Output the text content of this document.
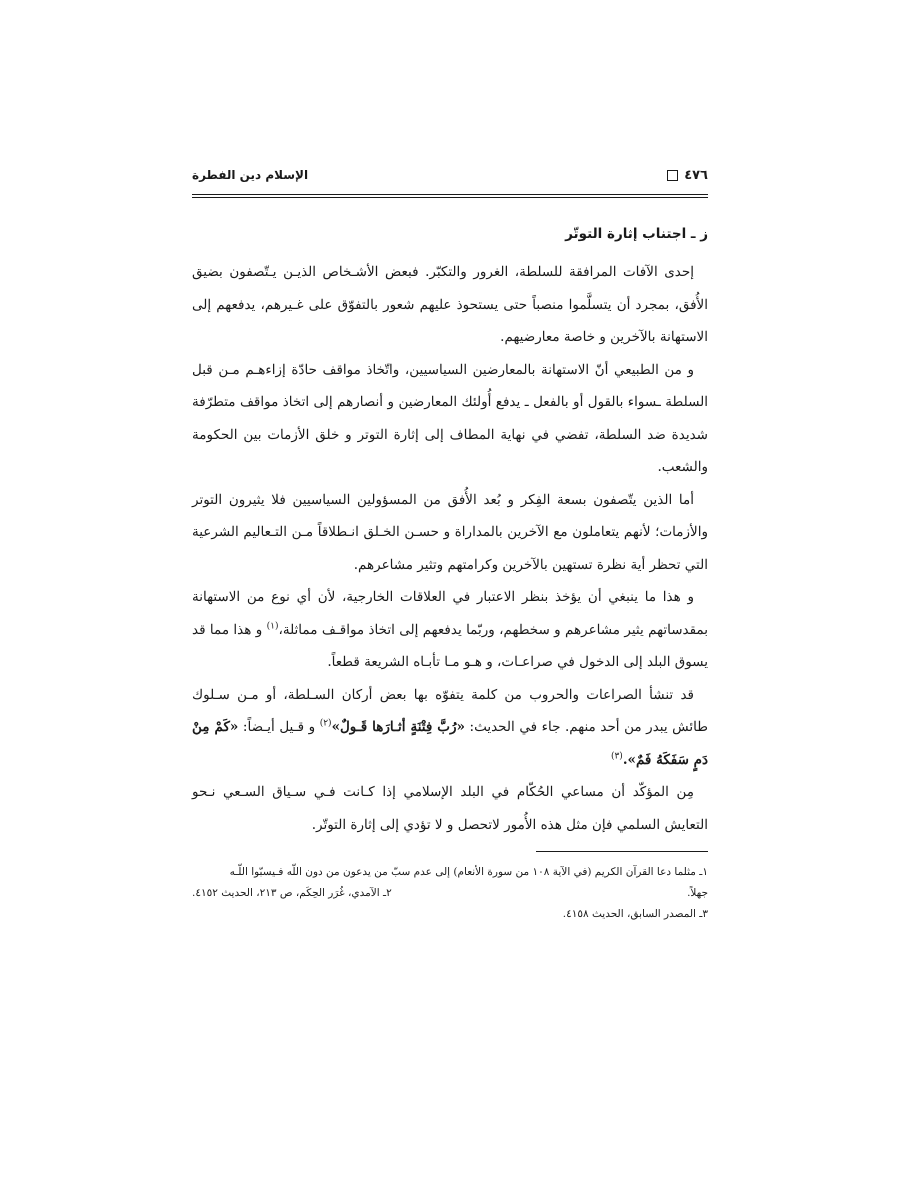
٤٧٦
الإسلام دين الفطرة
ز ـ اجتناب إثارة التوتّر

إحدى الآفات المرافقة للسلطة، الغرور والتكبّر. فبعض الأشـخاص الذيـن يـتّصفون بضيق الأُفق، بمجرد أن يتسلَّموا منصباً حتى يستحوذ عليهم شعور بالتفوّق على غـيرهم، يدفعهم إلى الاستهانة بالآخرين و خاصة معارضيهم.

و من الطبيعي أنّ الاستهانة بالمعارضين السياسيين، واتّخاذ مواقف حادّة إزاءهـم مـن قبل السلطة ـسواء بالقول أو بالفعل ـ يدفع أُولئك المعارضين و أنصارهم إلى اتخاذ مواقف متطرّفة شديدة ضد السلطة، تفضي في نهاية المطاف إلى إثارة التوتر و خلق الأزمات بين الحكومة والشعب.

أما الذين يتّصفون بسعة الفِكر و بُعد الأُفق من المسؤولين السياسيين فلا يثيرون التوتر والأزمات؛ لأنهم يتعاملون مع الآخرين بالمداراة و حسـن الخـلق انـطلاقاً مـن التـعاليم الشرعية التي تحظر أية نظرة تستهين بالآخرين وكرامتهم وتثير مشاعرهم.

و هذا ما ينبغي أن يؤخذ بنظر الاعتبار في العلاقات الخارجية، لأن أي نوع من الاستهانة بمقدساتهم يثير مشاعرهم و سخطهم، وربّما يدفعهم إلى اتخاذ مواقـف مماثلة،$^{(١)}$ و هذا مما قد يسوق البلد إلى الدخول في صراعـات، و هـو مـا تأبـاه الشريعة قطعاً.

قد تنشأ الصراعات والحروب من كلمة يتفوّه بها بعض أركان السـلطة، أو مـن سـلوك طائش يبدر من أحد منهم. جاء في الحديث: «رُبَّ فِتْنَةٍ أثـارَها قَـولٌ»$^{(٢)}$ و قـيل أيـضاً: «كَمْ مِنْ دَمٍ سَفَكَهُ فَمٌ».$^{(٣)}$

مِن المؤكّد أن مساعي الحُكّام في البلد الإسلامي إذا كـانت فـي سـياق السـعي نـحو التعايش السلمي فإن مثل هذه الأُمور لاتحصل و لا تؤدي إلى إثارة التوتّر.

١ـ مثلما دعا القرآن الكريم (في الآية ١٠٨ من سورة الأنعام) إلى عدم سبّ من يدعون من دون اللّه فـيسبّوا اللّـه
جهلاً.
٢ـ الآمدي، غُرَر الحِكَم، ص ٢١٣، الحديث ٤١٥٢.
٣ـ المصدر السابق، الحديث ٤١٥٨.
